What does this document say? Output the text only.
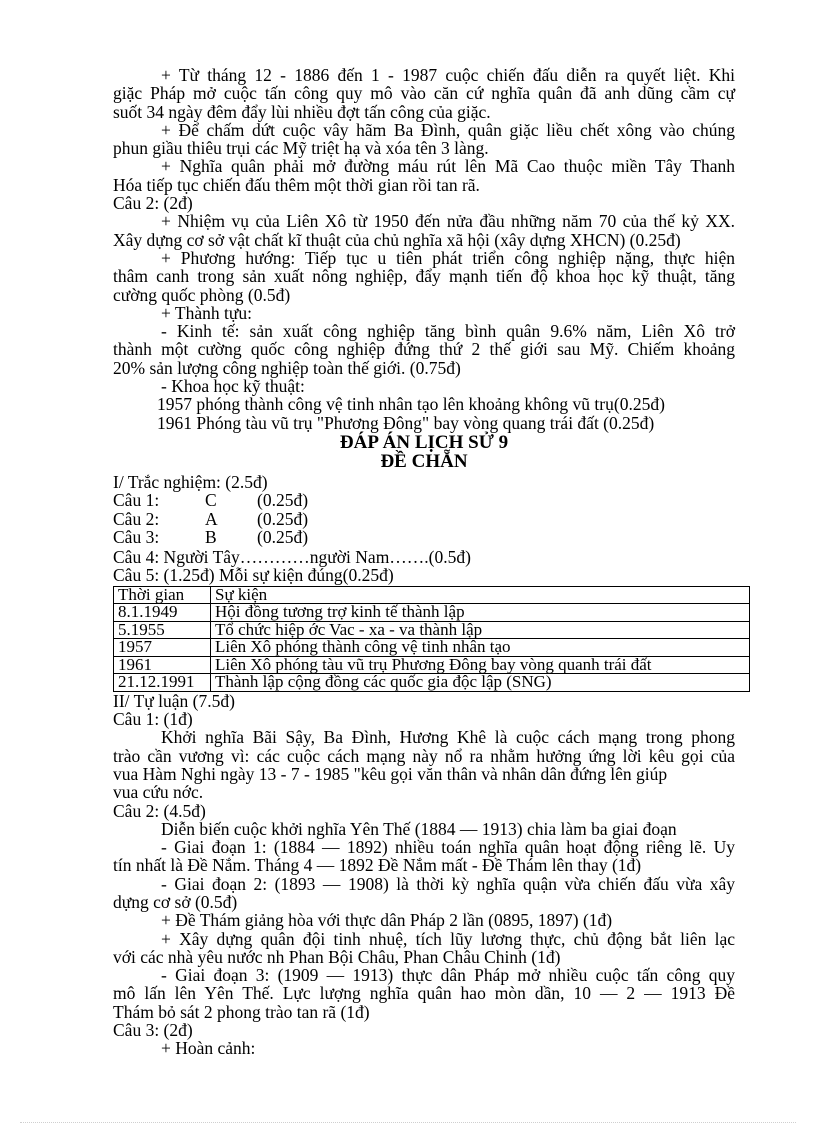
+ Từ tháng 12 - 1886 đến 1 - 1987 cuộc chiến đấu diễn ra quyết liệt. Khi
giặc Pháp mở cuộc tấn công quy mô vào căn cứ nghĩa quân đã anh dũng cầm cự
suốt 34 ngày đêm đẩy lùi nhiều đợt tấn công của giặc.
+ Để chấm dứt cuộc vây hãm Ba Đình, quân giặc liều chết xông vào chúng
phun giầu thiêu trụi các Mỹ triệt hạ và xóa tên 3 làng.
+ Nghĩa quân phải mở đường máu rút lên Mã Cao thuộc miền Tây Thanh
Hóa tiếp tục chiến đấu thêm một thời gian rồi tan rã.
Câu 2: (2đ)
+ Nhiệm vụ của Liên Xô từ 1950 đến nửa đầu những năm 70 của thế kỷ XX.
Xây dựng cơ sở vật chất kĩ thuật của chủ nghĩa xã hội (xây dựng XHCN) (0.25đ)
+ Phương hướng: Tiếp tục u tiên phát triển công nghiệp nặng, thực hiện
thâm canh trong sản xuất nông nghiệp, đẩy mạnh tiến độ khoa học kỹ thuật, tăng
cường quốc phòng (0.5đ)
+ Thành tựu:
- Kinh tế: sản xuất công nghiệp tăng bình quân 9.6% năm, Liên Xô trở
thành một cường quốc công nghiệp đứng thứ 2 thế giới sau Mỹ. Chiếm khoảng
20% sản lượng công nghiệp toàn thế giới. (0.75đ)
- Khoa học kỹ thuật:
1957 phóng thành công vệ tinh nhân tạo lên khoảng không vũ trụ(0.25đ)
1961 Phóng tàu vũ trụ "Phương Đông" bay vòng quang trái đất (0.25đ)
ĐÁP ÁN LỊCH SỬ 9
ĐỀ CHẴN
I/ Trắc nghiệm: (2.5đ)
Câu 1:	C	(0.25đ)
Câu 2:	A	(0.25đ)
Câu 3:	B	(0.25đ)
Câu 4: Người Tây…………người Nam…….(0.5đ)
Câu 5: (1.25đ) Mỗi sự kiện đúng(0.25đ)
Thời gian	Sự kiện
8.1.1949	Hội đồng tương trợ kinh tế thành lập
5.1955	Tổ chức hiệp ớc Vac - xa - va thành lập
1957	Liên Xô phóng thành công vệ tinh nhân tạo
1961	Liên Xô phóng tàu vũ trụ Phương Đông bay vòng quanh trái đất
21.12.1991	Thành lập cộng đồng các quốc gia độc lập (SNG)
II/ Tự luận (7.5đ)
Câu 1: (1đ)
Khởi nghĩa Bãi Sậy, Ba Đình, Hương Khê là cuộc cách mạng trong phong
trào cần vương vì: các cuộc cách mạng này nổ ra nhằm hưởng ứng lời kêu gọi của
vua Hàm Nghi ngày 13 - 7 - 1985 "kêu gọi văn thân và nhân dân đứng lên giúp
vua cứu nớc.
Câu 2: (4.5đ)
Diễn biến cuộc khởi nghĩa Yên Thế (1884 — 1913) chia làm ba giai đoạn
- Giai đoạn 1: (1884 — 1892) nhiều toán nghĩa quân hoạt động riêng lẽ. Uy
tín nhất là Đề Nắm. Tháng 4 — 1892 Đề Nắm mất - Đề Thám lên thay (1đ)
- Giai đoạn 2: (1893 — 1908) là thời kỳ nghĩa quận vừa chiến đấu vừa xây
dựng cơ sở (0.5đ)
+ Đề Thám giảng hòa với thực dân Pháp 2 lần (0895, 1897) (1đ)
+ Xây dựng quân đội tinh nhuệ, tích lũy lương thực, chủ động bắt liên lạc
với các nhà yêu nước nh Phan Bội Châu, Phan Châu Chinh (1đ)
- Giai đoạn 3: (1909 — 1913) thực dân Pháp mở nhiều cuộc tấn công quy
mô lấn lên Yên Thế. Lực lượng nghĩa quân hao mòn dần, 10 — 2 — 1913 Đề
Thám bỏ sát 2 phong trào tan rã (1đ)
Câu 3: (2đ)
+ Hoàn cảnh:
